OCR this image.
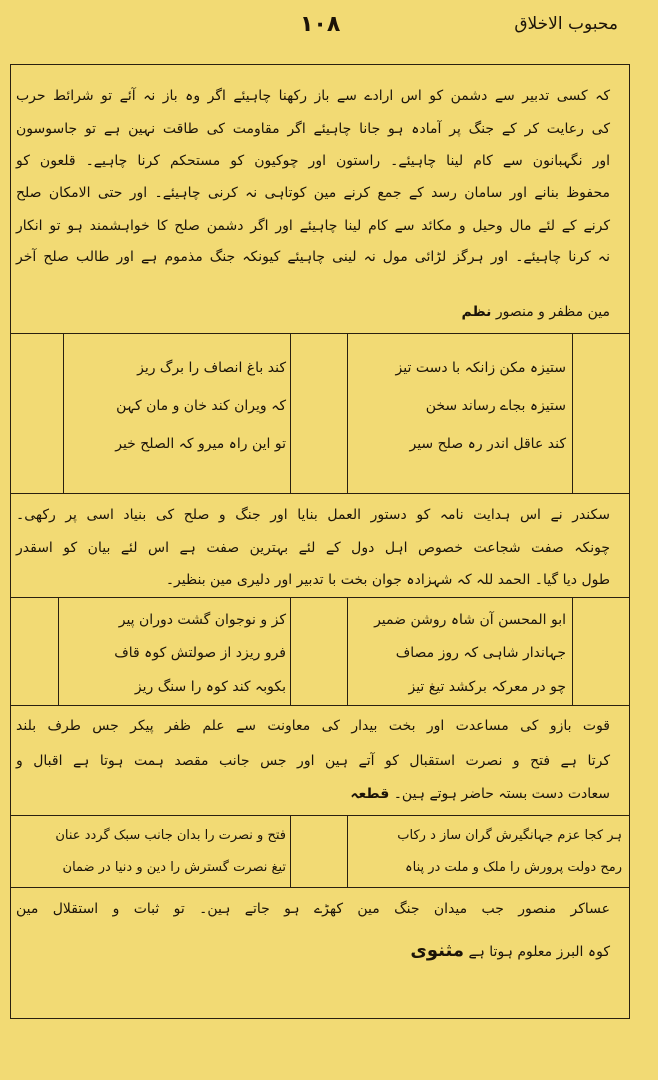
محبوب الاخلاق
۱۰۸
کہ کسی تدبیر سے دشمن کو اس ارادے سے باز رکھنا چاہیئے اگر وہ باز نہ آئے تو شرائط حرب
کی رعایت کر کے جنگ پر آمادہ ہو جانا چاہیئے اگر مقاومت کی طاقت نہین ہے تو جاسوسون
اور نگہبانون سے کام لینا چاہیئے۔ راستون اور چوکیون کو مستحکم کرنا چاہیے۔ قلعون کو
محفوظ بنانے اور سامان رسد کے جمع کرنے مین کوتاہی نہ کرنی چاہیئے۔ اور حتی الامکان صلح
کرنے کے لئے مال وحیل و مکائد سے کام لینا چاہیئے اور اگر دشمن صلح کا خواہشمند ہو تو انکار
نہ کرنا چاہیئے۔ اور ہرگز لڑائی مول نہ لینی چاہیئے کیونکہ جنگ مذموم ہے اور طالب صلح آخر
مین مظفر و منصور نظم
ستیزہ مکن زانکہ با دست تیز
ستیزہ بجاے رساند سخن
کند عاقل اندر رہ صلح سیر
کند باغ انصاف را برگ ریز
کہ ویران کند خان و مان کہن
تو این راہ میرو کہ الصلح خیر
سکندر نے اس ہدایت نامہ کو دستور العمل بنایا اور جنگ و صلح کی بنیاد اسی پر رکھی۔
چونکہ صفت شجاعت خصوص اہل دول کے لئے بہترین صفت ہے اس لئے بیان کو اسقدر
طول دیا گیا۔ الحمد للہ کہ شہزادہ جوان بخت با تدبیر اور دلیری مین بنظیر۔
ابو المحسن آن شاہ روشن ضمیر
جہاندار شاہی کہ روز مصاف
چو در معرکہ برکشد تیغ تیز
کز و نوجوان گشت دوران پیر
فرو ریزد از صولتش کوہ قاف
بکوبہ کند کوہ را سنگ ریز
قوت بازو کی مساعدت اور بخت بیدار کی معاونت سے علم ظفر پیکر جس طرف بلند
کرتا ہے فتح و نصرت استقبال کو آتے ہین اور جس جانب مقصد ہمت ہوتا ہے اقبال و
سعادت دست بستہ حاضر ہوتے ہین۔ قطعہ
ہر کجا عزم جہانگیرش گران ساز د رکاب
رمح دولت پرورش را ملک و ملت در پناہ
فتح و نصرت را بدان جانب سبک گردد عنان
تیغ نصرت گسترش را دین و دنیا در ضمان
عساکر منصور جب میدان جنگ مین کھڑے ہو جاتے ہین۔ تو ثبات و استقلال مین
کوہ البرز معلوم ہوتا ہے مثنوی
